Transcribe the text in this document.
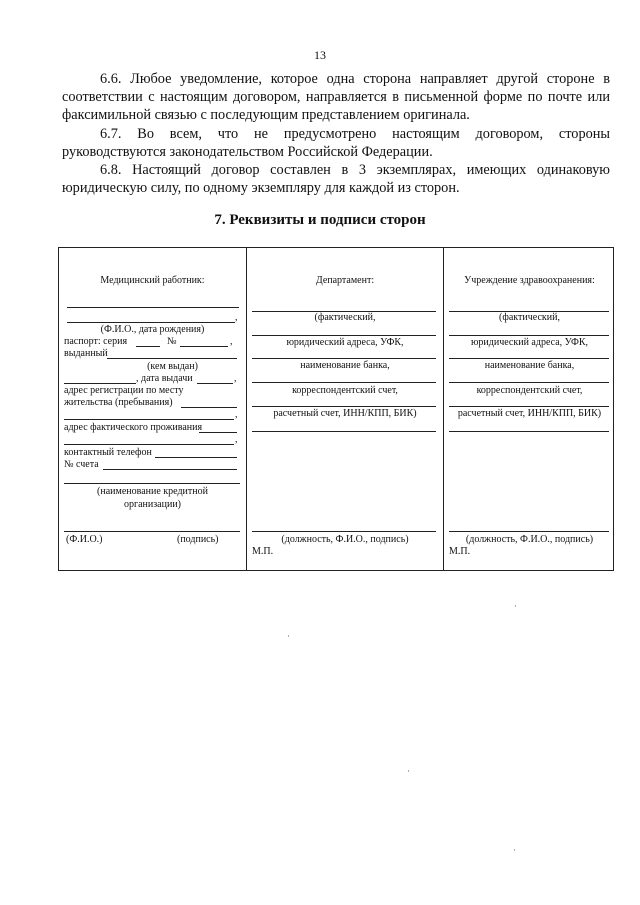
13
6.6. Любое уведомление, которое одна сторона направляет другой стороне в соответствии с настоящим договором, направляется в письменной форме по почте или факсимильной связью с последующим представлением оригинала.
6.7. Во всем, что не предусмотрено настоящим договором, стороны руководствуются законодательством Российской Федерации.
6.8. Настоящий договор составлен в 3 экземплярах, имеющих одинаковую юридическую силу, по одному экземпляру для каждой из сторон.
7. Реквизиты и подписи сторон
Медицинский работник:
,
(Ф.И.О., дата рождения)
паспорт: серия	№	,
выданный
(кем выдан)
, дата выдачи	,
адрес регистрации по месту
жительства (пребывания)
,
адрес фактического проживания
,
контактный телефон
№ счета
(наименование кредитной
организации)
(Ф.И.О.)	(подпись)
Департамент:
(фактический,
юридический адреса, УФК,
наименование банка,
корреспондентский счет,
расчетный счет, ИНН/КПП, БИК)
(должность, Ф.И.О., подпись)
М.П.
Учреждение здравоохранения:
(фактический,
юридический адреса, УФК,
наименование банка,
корреспондентский счет,
расчетный счет, ИНН/КПП, БИК)
(должность, Ф.И.О., подпись)
М.П.
·
·
·
·
